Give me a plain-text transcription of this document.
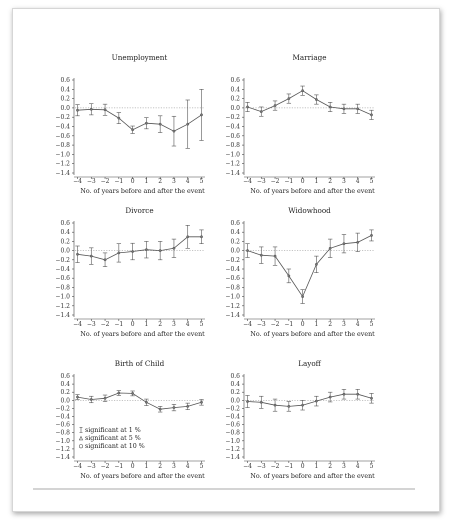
Unemployment
0.6
0.4
0.2
0.0
−0.2
−0.4
−0.6
−0.8
−1.0
−1.2
−1.4
−4 −3 −2 −1 0 1 2 3 4 5
No. of years before and after the event
Marriage
0.6
0.4
0.2
0.0
−0.2
−0.4
−0.6
−0.8
−1.0
−1.2
−1.4
−4 −3 −2 −1 0 1 2 3 4 5
No. of years before and after the event
Divorce
0.6
0.4
0.2
0.0
−0.2
−0.4
−0.6
−0.8
−1.0
−1.2
−1.4
−4 −3 −2 −1 0 1 2 3 4 5
No. of years before and after the event
Widowhood
0.6
0.4
0.2
0.0
−0.2
−0.4
−0.6
−0.8
−1.0
−1.2
−1.4
−4 −3 −2 −1 0 1 2 3 4 5
No. of years before and after the event
Birth of Child
0.6
0.4
0.2
0.0
−0.2
−0.4
−0.6
−0.8
−1.0
−1.2
−1.4
−4 −3 −2 −1 0 1 2 3 4 5
No. of years before and after the event
significant at 1 %
significant at 5 %
significant at 10 %
Layoff
0.6
0.4
0.2
0.0
−0.2
−0.4
−0.6
−0.8
−1.0
−1.2
−1.4
−4 −3 −2 −1 0 1 2 3 4 5
No. of years before and after the event
